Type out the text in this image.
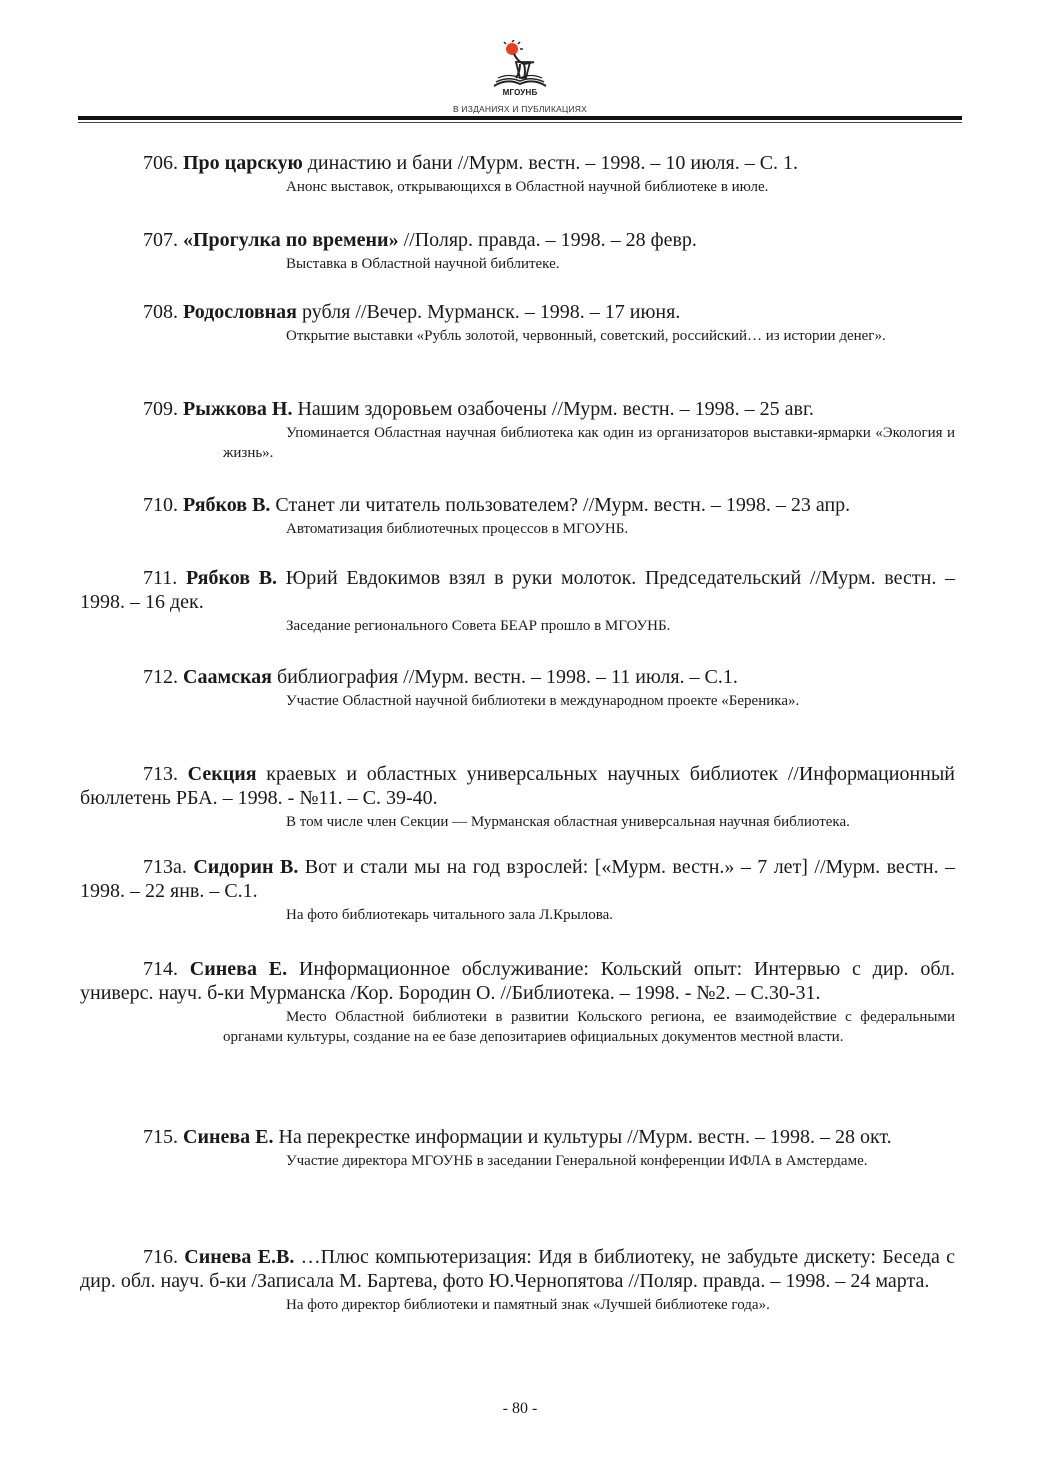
МГОУНБ
В ИЗДАНИЯХ И ПУБЛИКАЦИЯХ

706. Про царскую династию и бани //Мурм. вестн. – 1998. – 10 июля. – С. 1.

Анонс выставок, открывающихся в Областной научной библиотеке в июле.

707. «Прогулка по времени» //Поляр. правда. – 1998. – 28 февр.

Выставка в Областной научной библитеке.

708. Родословная рубля //Вечер. Мурманск. – 1998. – 17 июня.

Открытие выставки «Рубль золотой, червонный, советский, российский… из истории денег».

709. Рыжкова Н. Нашим здоровьем озабочены //Мурм. вестн. – 1998. – 25 авг.

Упоминается Областная научная библиотека как один из организаторов выставки-ярмарки «Экология и жизнь».

710. Рябков В. Станет ли читатель пользователем? //Мурм. вестн. – 1998. – 23 апр.

Автоматизация библиотечных процессов в МГОУНБ.

711. Рябков В. Юрий Евдокимов взял в руки молоток. Председательский //Мурм. вестн. – 1998. – 16 дек.

Заседание регионального Совета БЕАР прошло в МГОУНБ.

712. Саамская библиография //Мурм. вестн. – 1998. – 11 июля. – С.1.

Участие Областной научной библиотеки в международном проекте «Береника».

713. Секция краевых и областных универсальных научных библиотек //Информационный бюллетень РБА. – 1998. - №11. – С. 39-40.

В том числе член Секции — Мурманская областная универсальная научная библиотека.

713а. Сидорин В. Вот и стали мы на год взрослей: [«Мурм. вестн.» – 7 лет] //Мурм. вестн. – 1998. – 22 янв. – С.1.

На фото библиотекарь читального зала Л.Крылова.

714. Синева Е. Информационное обслуживание: Кольский опыт: Интервью с дир. обл. универс. науч. б-ки Мурманска /Кор. Бородин О. //Библиотека. – 1998. - №2. – С.30-31.

Место Областной библиотеки в развитии Кольского региона, ее взаимодействие с федеральными органами культуры, создание на ее базе депозитариев официальных документов местной власти.

715. Синева Е. На перекрестке информации и культуры //Мурм. вестн. – 1998. – 28 окт.

Участие директора МГОУНБ в заседании Генеральной конференции ИФЛА в Амстердаме.

716. Синева Е.В. …Плюс компьютеризация: Идя в библиотеку, не забудьте дискету: Беседа с дир. обл. науч. б-ки /Записала М. Бартева, фото Ю.Чернопятова //Поляр. правда. – 1998. – 24 марта.

На фото директор библиотеки и памятный знак «Лучшей библиотеке года».

- 80 -
